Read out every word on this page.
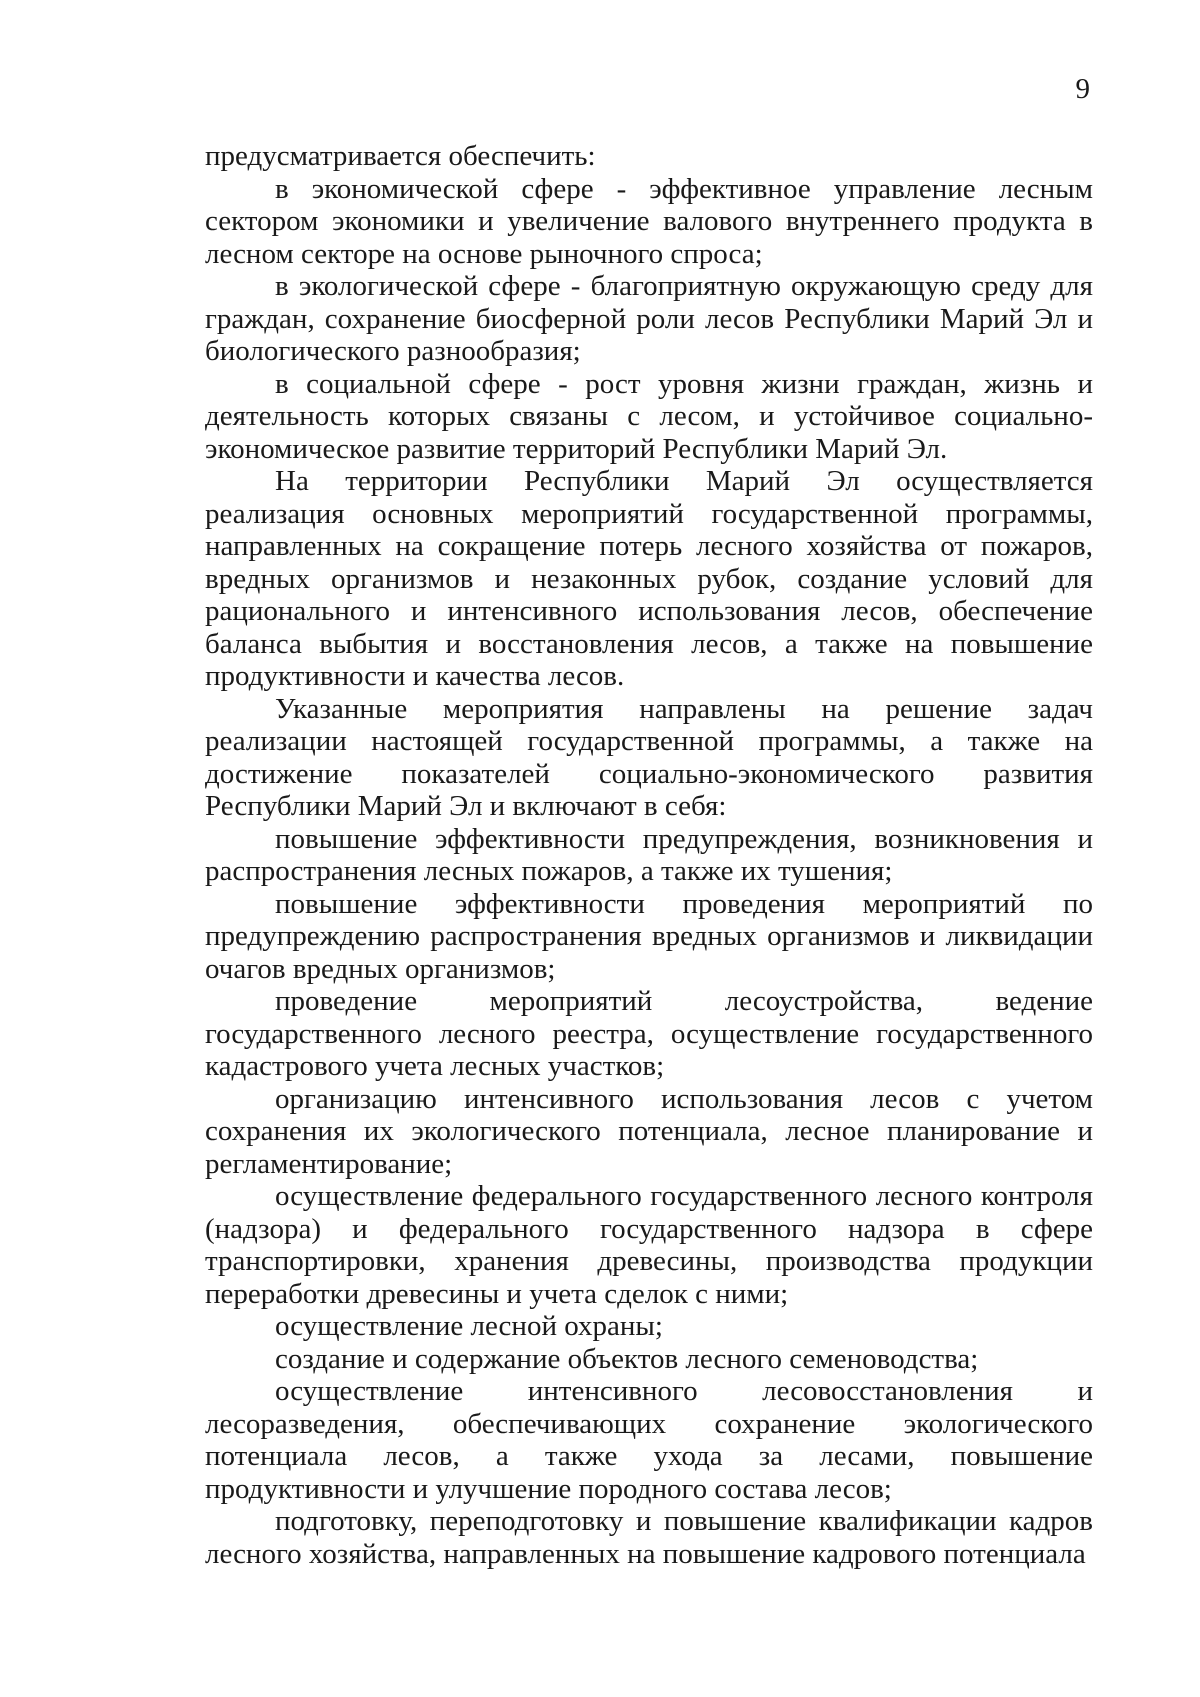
9

предусматривается обеспечить:

в экономической сфере - эффективное управление лесным сектором экономики и увеличение валового внутреннего продукта в лесном секторе на основе рыночного спроса;

в экологической сфере - благоприятную окружающую среду для граждан, сохранение биосферной роли лесов Республики Марий Эл и биологического разнообразия;

в социальной сфере - рост уровня жизни граждан, жизнь и деятельность которых связаны с лесом, и устойчивое социально-экономическое развитие территорий Республики Марий Эл.

На территории Республики Марий Эл осуществляется реализация основных мероприятий государственной программы, направленных на сокращение потерь лесного хозяйства от пожаров, вредных организмов и незаконных рубок, создание условий для рационального и интенсивного использования лесов, обеспечение баланса выбытия и восстановления лесов, а также на повышение продуктивности и качества лесов.

Указанные мероприятия направлены на решение задач реализации настоящей государственной программы, а также на достижение показателей социально-экономического развития Республики Марий Эл и включают в себя:

повышение эффективности предупреждения, возникновения и распространения лесных пожаров, а также их тушения;

повышение эффективности проведения мероприятий по предупреждению распространения вредных организмов и ликвидации очагов вредных организмов;

проведение мероприятий лесоустройства, ведение государственного лесного реестра, осуществление государственного кадастрового учета лесных участков;

организацию интенсивного использования лесов с учетом сохранения их экологического потенциала, лесное планирование и регламентирование;

осуществление федерального государственного лесного контроля (надзора) и федерального государственного надзора в сфере транспортировки, хранения древесины, производства продукции переработки древесины и учета сделок с ними;

осуществление лесной охраны;

создание и содержание объектов лесного семеноводства;

осуществление интенсивного лесовосстановления и лесоразведения, обеспечивающих сохранение экологического потенциала лесов, а также ухода за лесами, повышение продуктивности и улучшение породного состава лесов;

подготовку, переподготовку и повышение квалификации кадров лесного хозяйства, направленных на повышение кадрового потенциала
